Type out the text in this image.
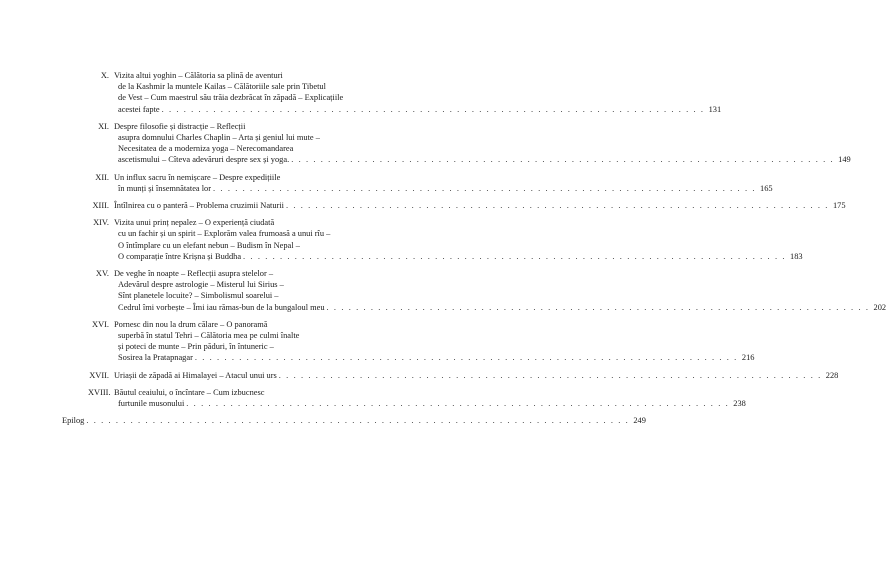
X. Vizita altui yoghin – Călătoria sa plină de aventuri
de la Kashmir la muntele Kailas – Călătoriile sale prin Tibetul
de Vest – Cum maestrul său trăia dezbrăcat în zăpadă – Explicațiile
acestei fapte . . .	131
XI. Despre filosofie și distracție – Reflecții
asupra domnului Charles Chaplin – Arta și geniul lui mute –
Necesitatea de a moderniza yoga – Nerecomandarea
ascetismului – Cîteva adevăruri despre sex și yoga. . . .	149
XII. Un influx sacru în nemișcare – Despre expedițiile
în munți și însemnătatea lor . . .	165
XIII. Întîlnirea cu o panteră – Problema cruzimii Naturii . . .	175
XIV. Vizita unui prinț nepalez – O experiență ciudată
cu un fachir și un spirit – Explorăm valea frumoasă a unui rîu –
O întîmplare cu un elefant nebun – Budism în Nepal –
O comparație între Krișna și Buddha . . .	183
XV. De veghe în noapte – Reflecții asupra stelelor –
Adevărul despre astrologie – Misterul lui Sirius –
Sînt planetele locuite? – Simbolismul soarelui –
Cedrul îmi vorbește – Îmi iau rămas-bun de la bungaloul meu . . .	202
XVI. Pornesc din nou la drum călare – O panoramă
superbă în statul Tehri – Călătoria mea pe culmi înalte
și poteci de munte – Prin păduri, în întuneric –
Sosirea la Pratapnagar . . .	216
XVII. Uriașii de zăpadă ai Himalayei – Atacul unui urs . . .	228
XVIII. Băutul ceaiului, o încîntare – Cum izbucnesc
furtunile musonului . . .	238
Epilog . . .	249
